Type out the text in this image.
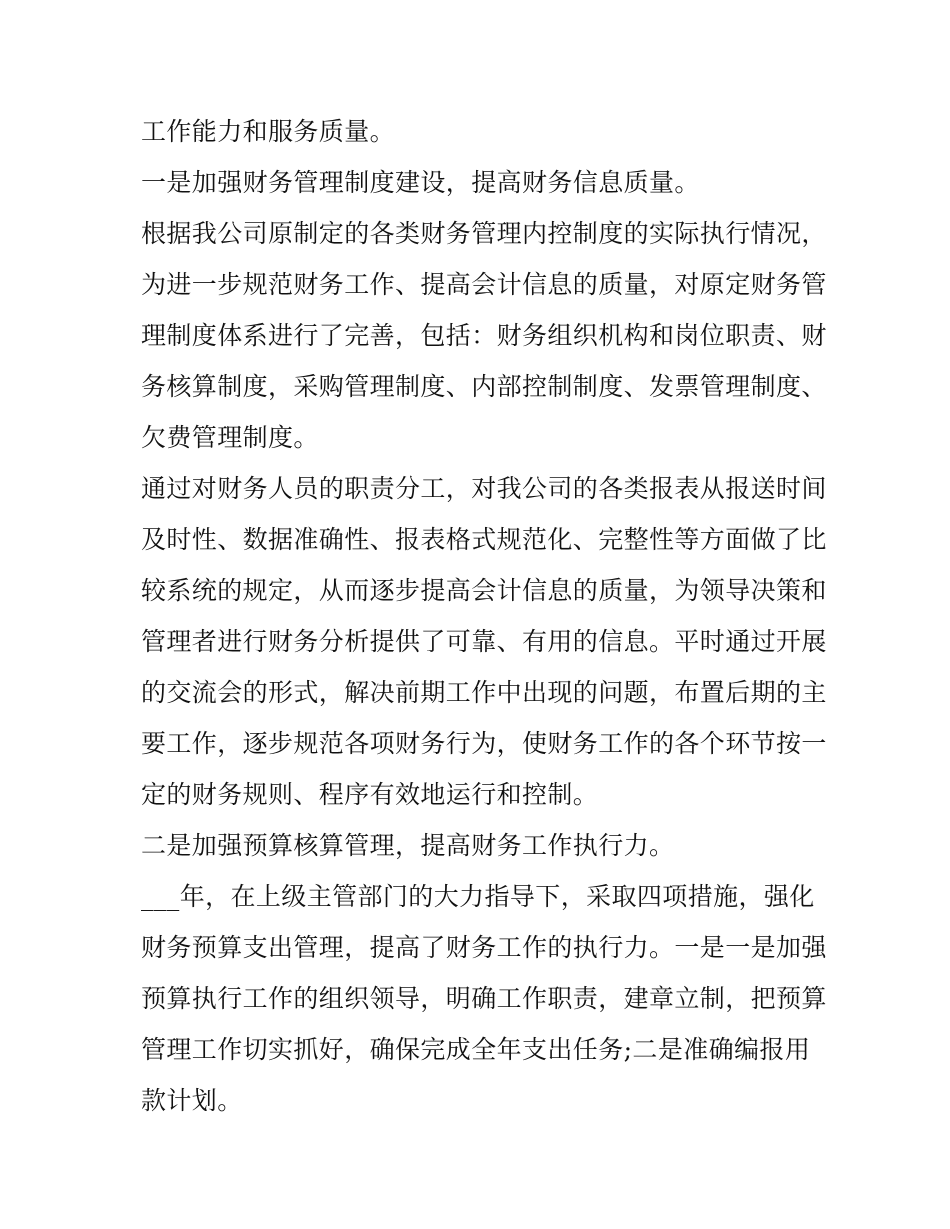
工作能力和服务质量。
一是加强财务管理制度建设，提高财务信息质量。
根据我公司原制定的各类财务管理内控制度的实际执行情况，
为进一步规范财务工作、提高会计信息的质量，对原定财务管
理制度体系进行了完善，包括：财务组织机构和岗位职责、财
务核算制度，采购管理制度、内部控制制度、发票管理制度、
欠费管理制度。
通过对财务人员的职责分工，对我公司的各类报表从报送时间
及时性、数据准确性、报表格式规范化、完整性等方面做了比
较系统的规定，从而逐步提高会计信息的质量，为领导决策和
管理者进行财务分析提供了可靠、有用的信息。平时通过开展
的交流会的形式，解决前期工作中出现的问题，布置后期的主
要工作，逐步规范各项财务行为，使财务工作的各个环节按一
定的财务规则、程序有效地运行和控制。
二是加强预算核算管理，提高财务工作执行力。
___年，在上级主管部门的大力指导下，采取四项措施，强化
财务预算支出管理，提高了财务工作的执行力。一是一是加强
预算执行工作的组织领导，明确工作职责，建章立制，把预算
管理工作切实抓好，确保完成全年支出任务;二是准确编报用
款计划。
